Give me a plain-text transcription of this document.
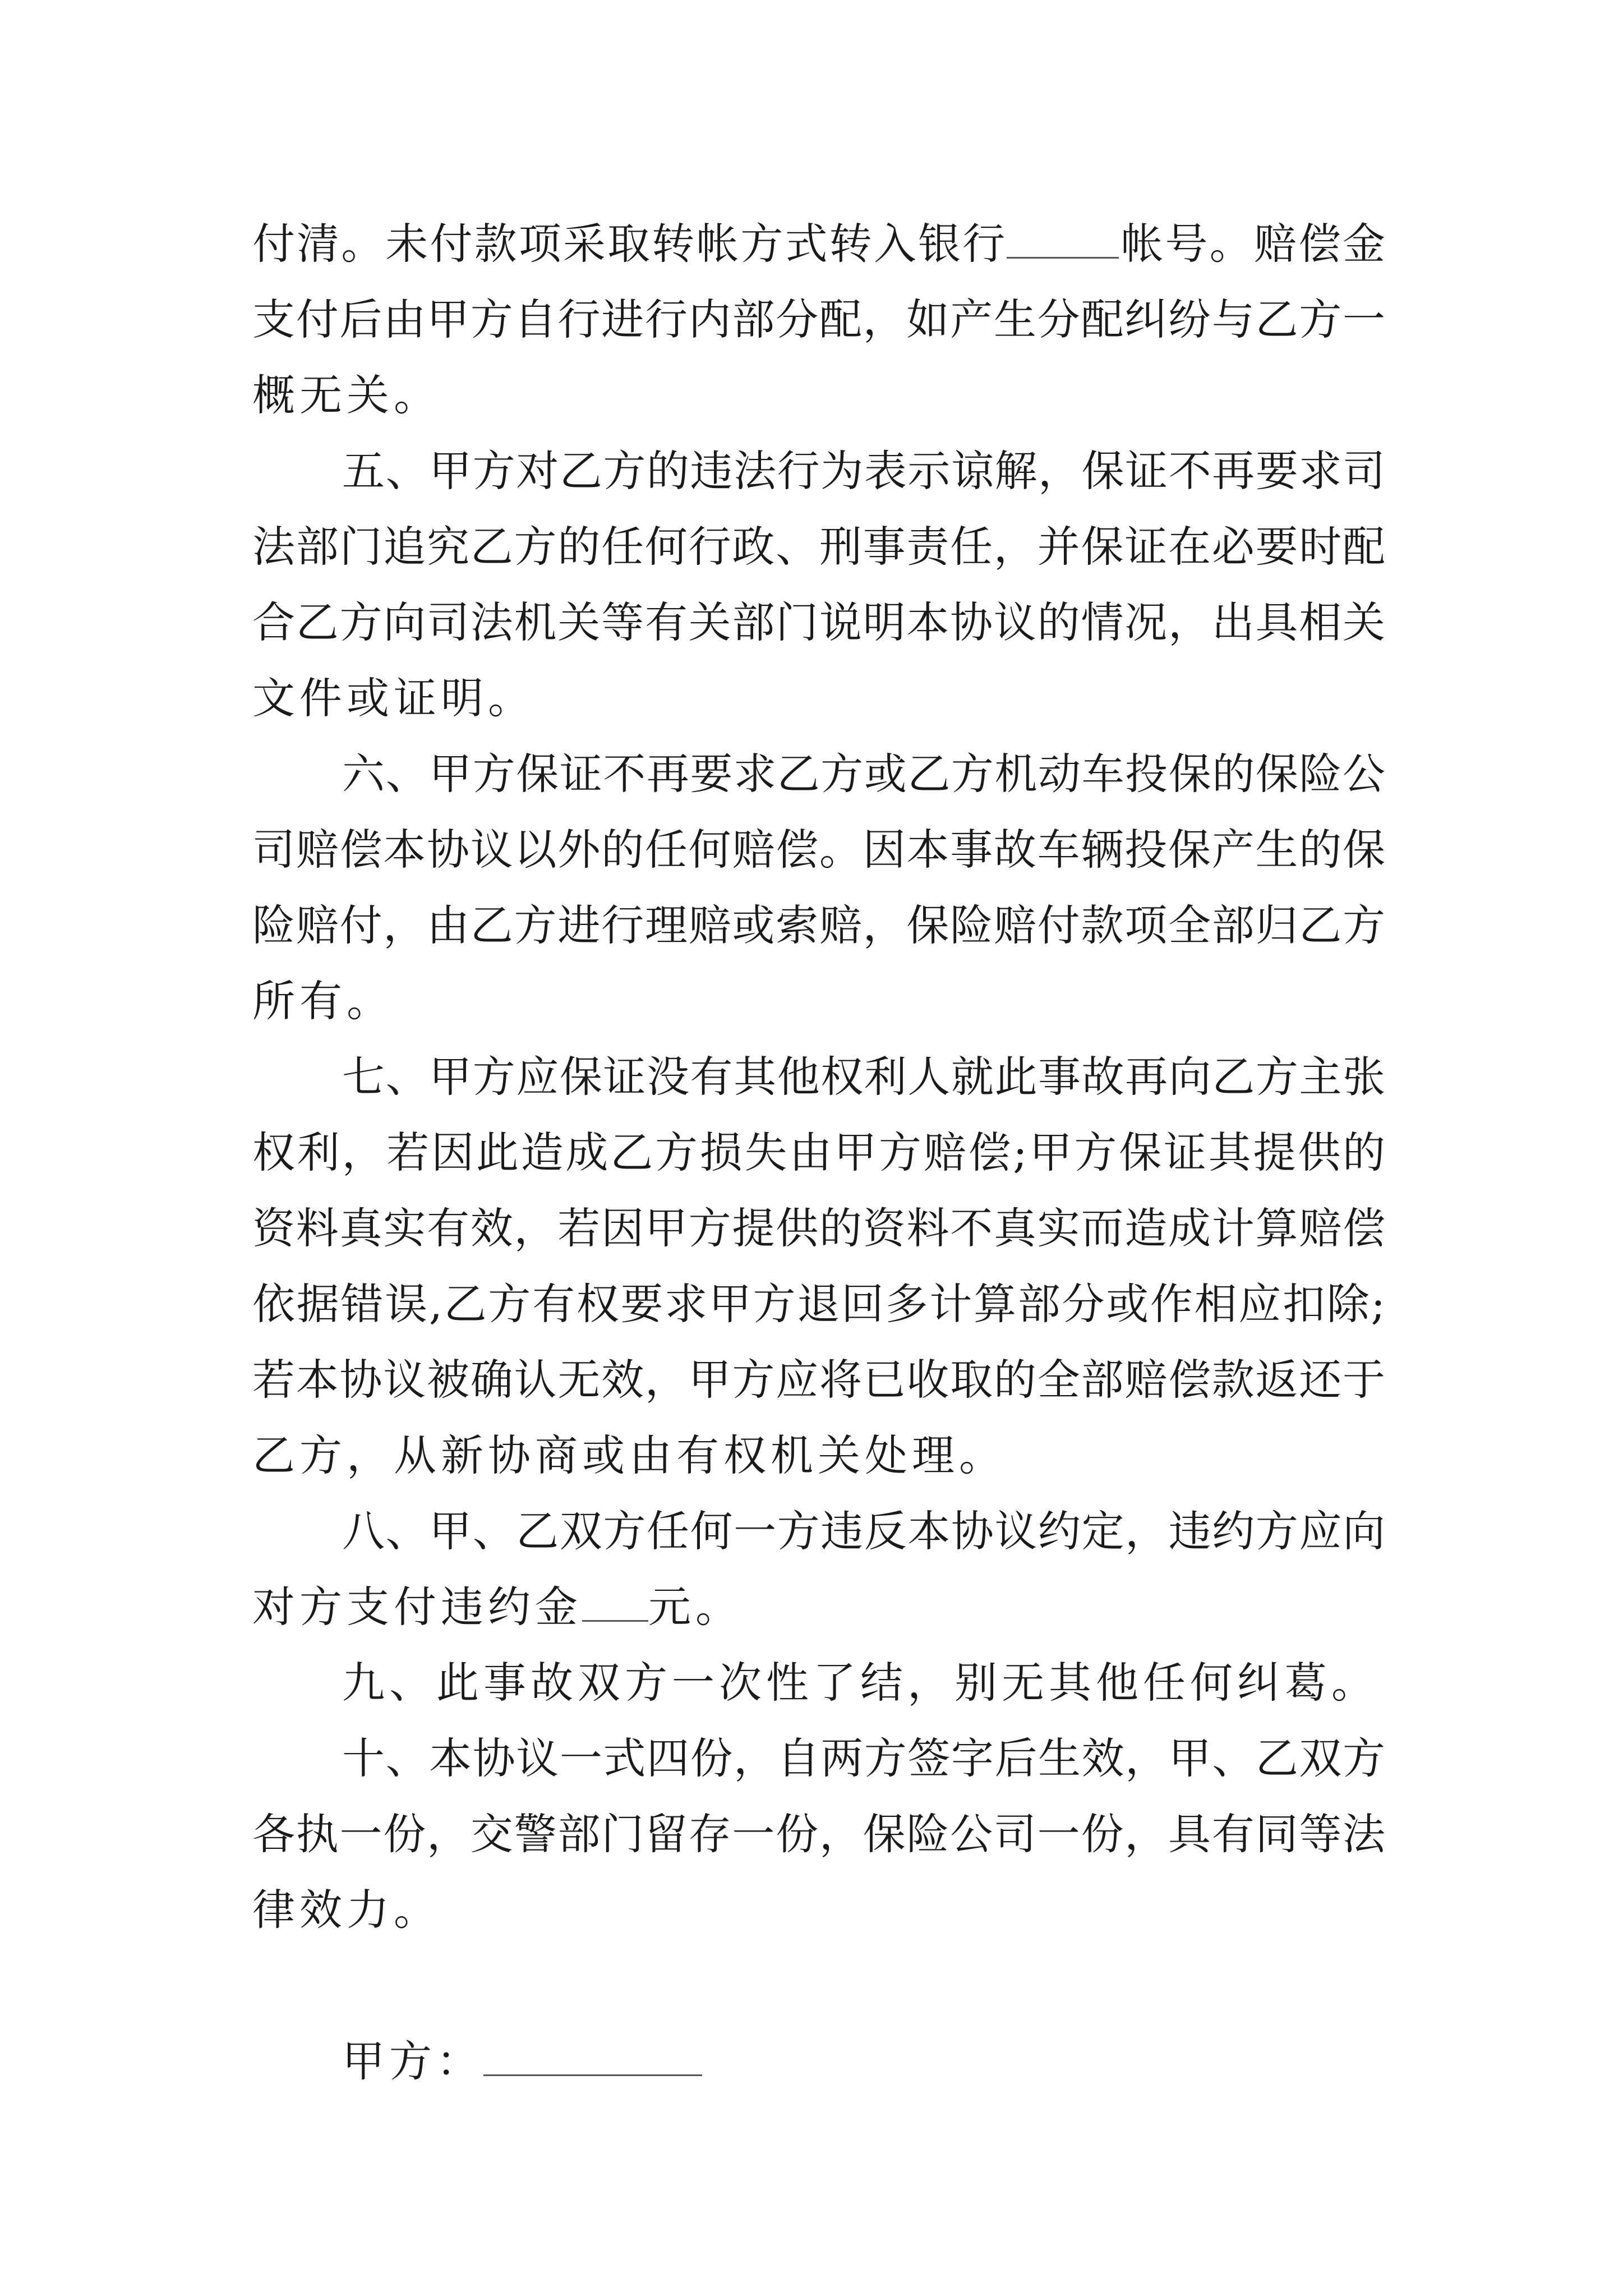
付清。未付款项采取转帐方式转入银行	帐号。赔偿金
支付后由甲方自行进行内部分配，如产生分配纠纷与乙方一
概无关。
五、甲方对乙方的违法行为表示谅解，保证不再要求司
法部门追究乙方的任何行政、刑事责任，并保证在必要时配
合乙方向司法机关等有关部门说明本协议的情况，出具相关
文件或证明。
六、甲方保证不再要求乙方或乙方机动车投保的保险公
司赔偿本协议以外的任何赔偿。因本事故车辆投保产生的保
险赔付，由乙方进行理赔或索赔，保险赔付款项全部归乙方
所有。
七、甲方应保证没有其他权利人就此事故再向乙方主张
权利，若因此造成乙方损失由甲方赔偿;甲方保证其提供的
资料真实有效，若因甲方提供的资料不真实而造成计算赔偿
依据错误,乙方有权要求甲方退回多计算部分或作相应扣除;
若本协议被确认无效，甲方应将已收取的全部赔偿款返还于
乙方，从新协商或由有权机关处理。
八、甲、乙双方任何一方违反本协议约定，违约方应向
对方支付违约金 元。
九、此事故双方一次性了结，别无其他任何纠葛。
十、本协议一式四份，自两方签字后生效，甲、乙双方
各执一份，交警部门留存一份，保险公司一份，具有同等法
律效力。
甲方：
